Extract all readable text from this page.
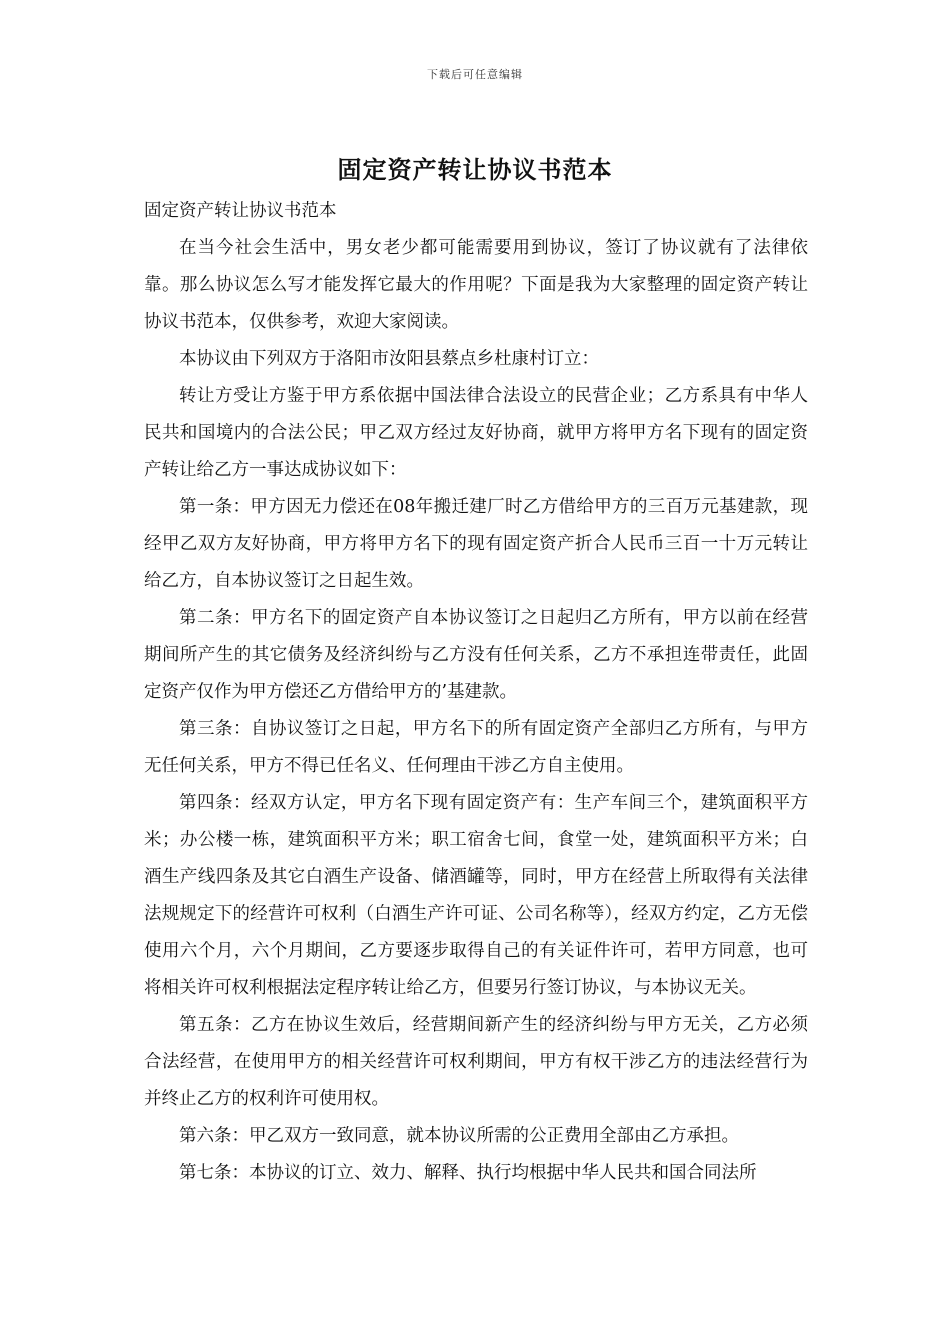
下载后可任意编辑
固定资产转让协议书范本

固定资产转让协议书范本

在当今社会生活中，男女老少都可能需要用到协议，签订了协议就有了法律依靠。那么协议怎么写才能发挥它最大的作用呢？下面是我为大家整理的固定资产转让协议书范本，仅供参考，欢迎大家阅读。

本协议由下列双方于洛阳市汝阳县蔡点乡杜康村订立：

转让方受让方鉴于甲方系依据中国法律合法设立的民营企业；乙方系具有中华人民共和国境内的合法公民；甲乙双方经过友好协商，就甲方将甲方名下现有的固定资产转让给乙方一事达成协议如下：

第一条：甲方因无力偿还在08年搬迁建厂时乙方借给甲方的三百万元基建款，现经甲乙双方友好协商，甲方将甲方名下的现有固定资产折合人民币三百一十万元转让给乙方，自本协议签订之日起生效。

第二条：甲方名下的固定资产自本协议签订之日起归乙方所有，甲方以前在经营期间所产生的其它债务及经济纠纷与乙方没有任何关系，乙方不承担连带责任，此固定资产仅作为甲方偿还乙方借给甲方的’基建款。

第三条：自协议签订之日起，甲方名下的所有固定资产全部归乙方所有，与甲方无任何关系，甲方不得已任名义、任何理由干涉乙方自主使用。

第四条：经双方认定，甲方名下现有固定资产有：生产车间三个，建筑面积平方米；办公楼一栋，建筑面积平方米；职工宿舍七间，食堂一处，建筑面积平方米；白酒生产线四条及其它白酒生产设备、储酒罐等，同时，甲方在经营上所取得有关法律法规规定下的经营许可权利（白酒生产许可证、公司名称等），经双方约定，乙方无偿使用六个月，六个月期间，乙方要逐步取得自己的有关证件许可，若甲方同意，也可将相关许可权利根据法定程序转让给乙方，但要另行签订协议，与本协议无关。

第五条：乙方在协议生效后，经营期间新产生的经济纠纷与甲方无关，乙方必须合法经营，在使用甲方的相关经营许可权利期间，甲方有权干涉乙方的违法经营行为并终止乙方的权利许可使用权。

第六条：甲乙双方一致同意，就本协议所需的公正费用全部由乙方承担。

第七条：本协议的订立、效力、解释、执行均根据中华人民共和国合同法所
